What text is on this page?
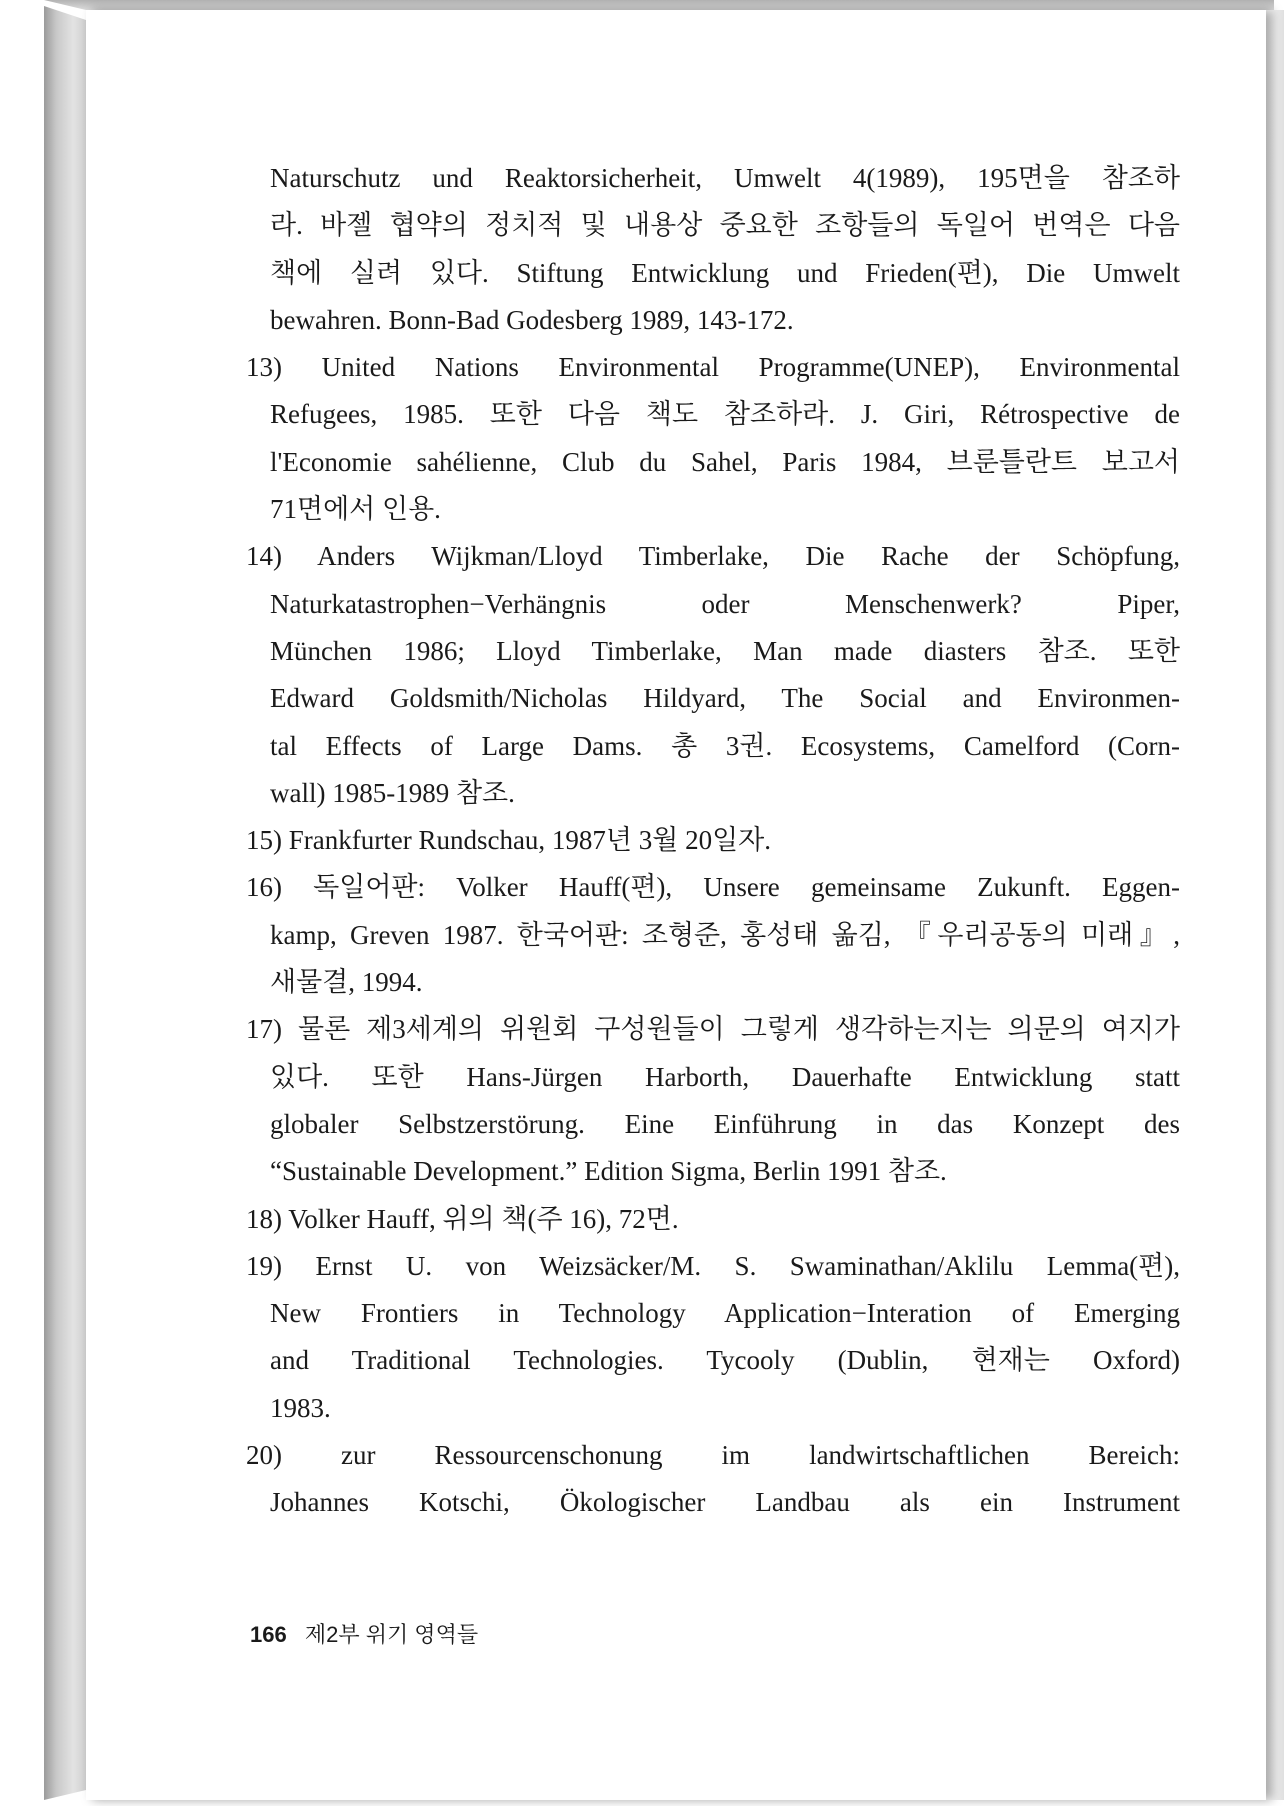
Naturschutz und Reaktorsicherheit, Umwelt 4(1989), 195면을 참조하
라. 바젤 협약의 정치적 및 내용상 중요한 조항들의 독일어 번역은 다음
책에 실려 있다. Stiftung Entwicklung und Frieden(편), Die Umwelt
bewahren. Bonn-Bad Godesberg 1989, 143-172.
13) United Nations Environmental Programme(UNEP), Environmental
Refugees, 1985. 또한 다음 책도 참조하라. J. Giri, Rétrospective de
l'Economie sahélienne, Club du Sahel, Paris 1984, 브룬틀란트 보고서
71면에서 인용.
14) Anders Wijkman/Lloyd Timberlake, Die Rache der Schöpfung,
Naturkatastrophen−Verhängnis oder Menschenwerk? Piper,
München 1986; Lloyd Timberlake, Man made diasters 참조. 또한
Edward Goldsmith/Nicholas Hildyard, The Social and Environmen-
tal Effects of Large Dams. 총 3권. Ecosystems, Camelford (Corn-
wall) 1985-1989 참조.
15) Frankfurter Rundschau, 1987년 3월 20일자.
16) 독일어판: Volker Hauff(편), Unsere gemeinsame Zukunft. Eggen-
kamp, Greven 1987. 한국어판: 조형준, 홍성태 옮김, 『우리공동의 미래』,
새물결, 1994.
17) 물론 제3세계의 위원회 구성원들이 그렇게 생각하는지는 의문의 여지가
있다. 또한 Hans-Jürgen Harborth, Dauerhafte Entwicklung statt
globaler Selbstzerstörung. Eine Einführung in das Konzept des
“Sustainable Development.” Edition Sigma, Berlin 1991 참조.
18) Volker Hauff, 위의 책(주 16), 72면.
19) Ernst U. von Weizsäcker/M. S. Swaminathan/Aklilu Lemma(편),
New Frontiers in Technology Application−Interation of Emerging
and Traditional Technologies. Tycooly (Dublin, 현재는 Oxford)
1983.
20) zur Ressourcenschonung im landwirtschaftlichen Bereich:
Johannes Kotschi, Ökologischer Landbau als ein Instrument
166 제2부 위기 영역들
